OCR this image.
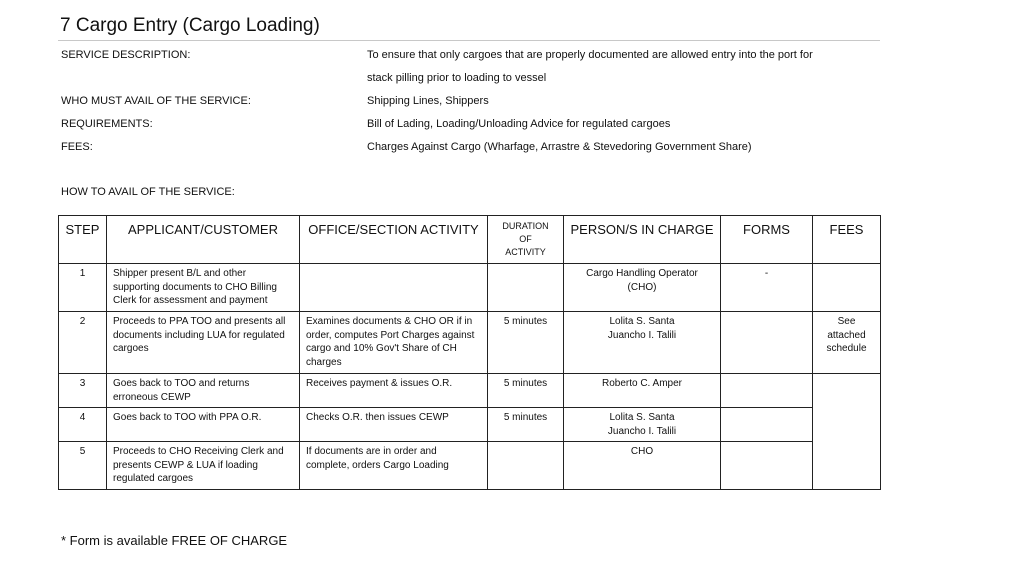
7 Cargo Entry (Cargo Loading)
SERVICE DESCRIPTION:	To ensure that only cargoes that are properly documented are allowed entry into the port for
stack pilling prior to loading to vessel
WHO MUST AVAIL OF THE SERVICE:	Shipping Lines, Shippers
REQUIREMENTS:	Bill of Lading, Loading/Unloading Advice for regulated cargoes
FEES:	Charges Against Cargo (Wharfage, Arrastre & Stevedoring Government Share)
HOW TO AVAIL OF THE SERVICE:
STEP	APPLICANT/CUSTOMER	OFFICE/SECTION ACTIVITY	DURATION
OF
ACTIVITY	PERSON/S IN CHARGE	FORMS	FEES
1	Shipper present B/L and other supporting documents to CHO Billing Clerk for assessment and payment			Cargo Handling Operator
(CHO)	-	
2	Proceeds to PPA TOO and presents all documents including LUA for regulated cargoes	Examines documents & CHO OR if in order, computes Port Charges against cargo and 10% Gov't Share of CH charges	5 minutes	Lolita S. Santa
Juancho I. Talili		See attached schedule
3	Goes back to TOO and returns erroneous CEWP	Receives payment & issues O.R.	5 minutes	Roberto C. Amper		

4	Goes back to TOO with PPA O.R.	Checks O.R. then issues CEWP	5 minutes	Lolita S. Santa
Juancho I. Talili		

5	Proceeds to CHO Receiving Clerk and presents CEWP & LUA if loading regulated cargoes	If documents are in order and complete, orders Cargo Loading		CHO		

* Form is available FREE OF CHARGE
